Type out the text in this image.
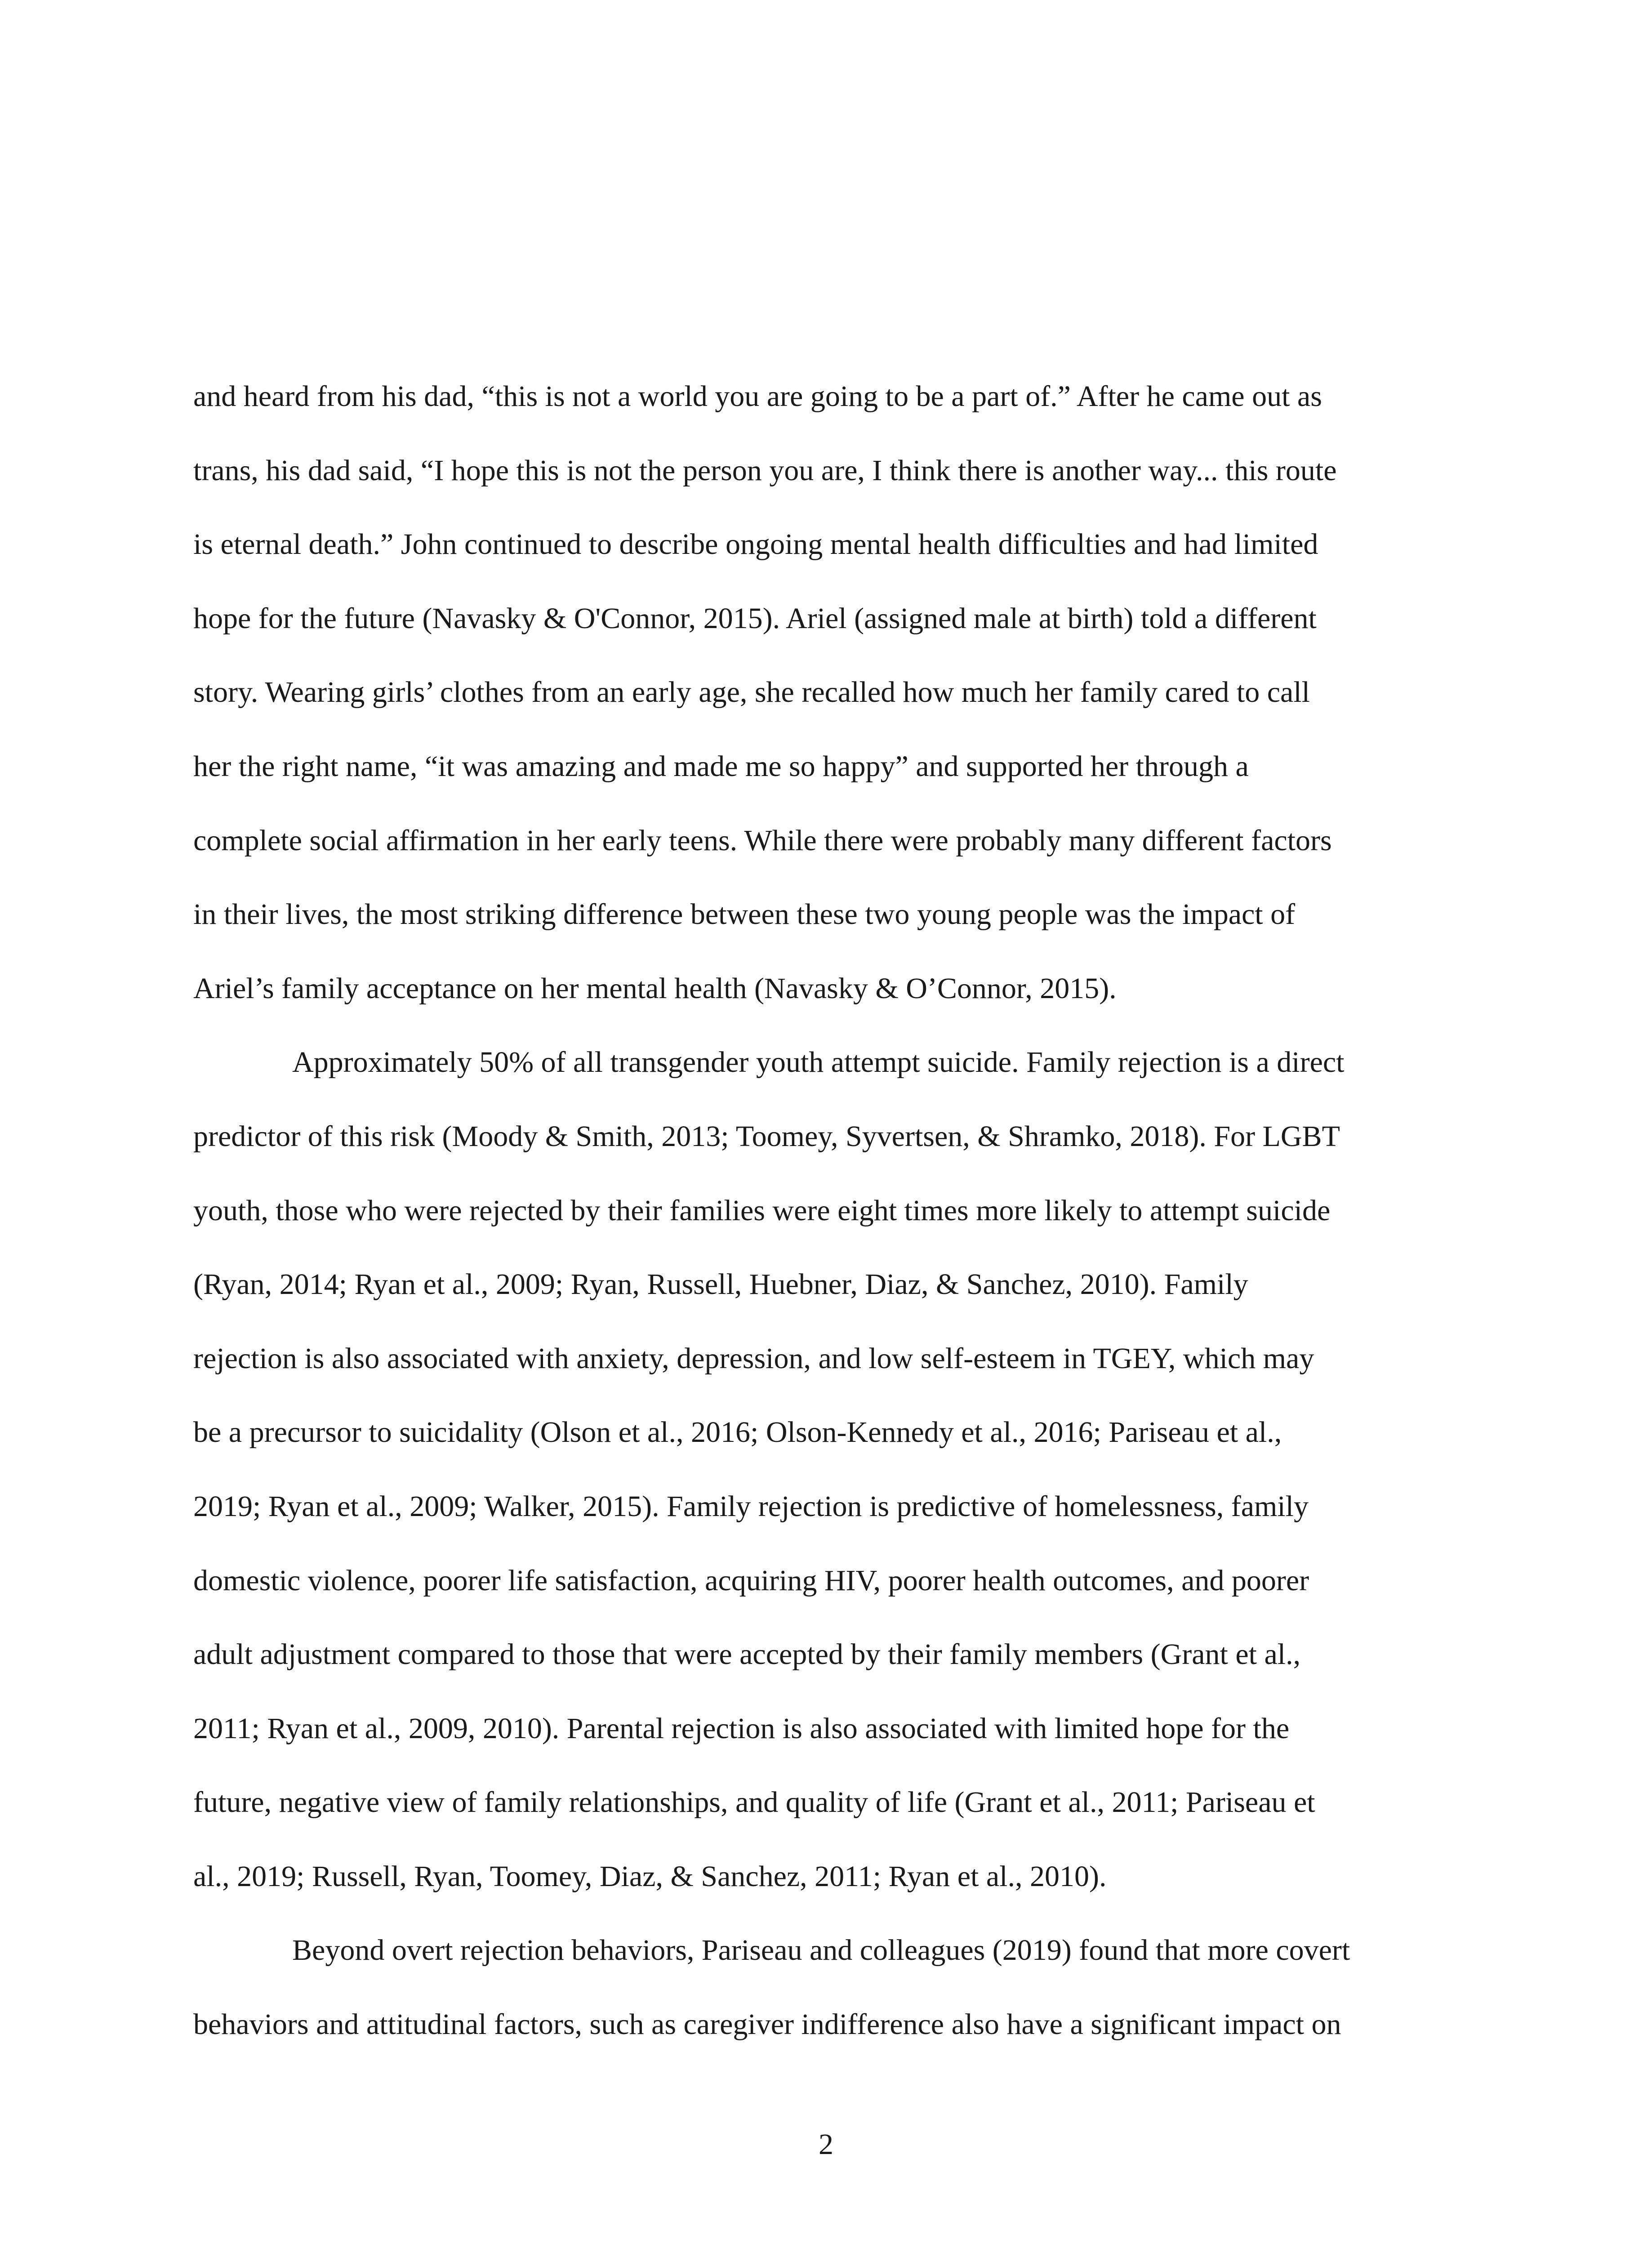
and heard from his dad, “this is not a world you are going to be a part of.” After he came out as
trans, his dad said, “I hope this is not the person you are, I think there is another way... this route
is eternal death.” John continued to describe ongoing mental health difficulties and had limited
hope for the future (Navasky & O'Connor, 2015). Ariel (assigned male at birth) told a different
story. Wearing girls’ clothes from an early age, she recalled how much her family cared to call
her the right name, “it was amazing and made me so happy” and supported her through a
complete social affirmation in her early teens. While there were probably many different factors
in their lives, the most striking difference between these two young people was the impact of
Ariel’s family acceptance on her mental health (Navasky & O’Connor, 2015).
Approximately 50% of all transgender youth attempt suicide. Family rejection is a direct
predictor of this risk (Moody & Smith, 2013; Toomey, Syvertsen, & Shramko, 2018). For LGBT
youth, those who were rejected by their families were eight times more likely to attempt suicide
(Ryan, 2014; Ryan et al., 2009; Ryan, Russell, Huebner, Diaz, & Sanchez, 2010). Family
rejection is also associated with anxiety, depression, and low self-esteem in TGEY, which may
be a precursor to suicidality (Olson et al., 2016; Olson-Kennedy et al., 2016; Pariseau et al.,
2019; Ryan et al., 2009; Walker, 2015). Family rejection is predictive of homelessness, family
domestic violence, poorer life satisfaction, acquiring HIV, poorer health outcomes, and poorer
adult adjustment compared to those that were accepted by their family members (Grant et al.,
2011; Ryan et al., 2009, 2010). Parental rejection is also associated with limited hope for the
future, negative view of family relationships, and quality of life (Grant et al., 2011; Pariseau et
al., 2019; Russell, Ryan, Toomey, Diaz, & Sanchez, 2011; Ryan et al., 2010).
Beyond overt rejection behaviors, Pariseau and colleagues (2019) found that more covert
behaviors and attitudinal factors, such as caregiver indifference also have a significant impact on
2
